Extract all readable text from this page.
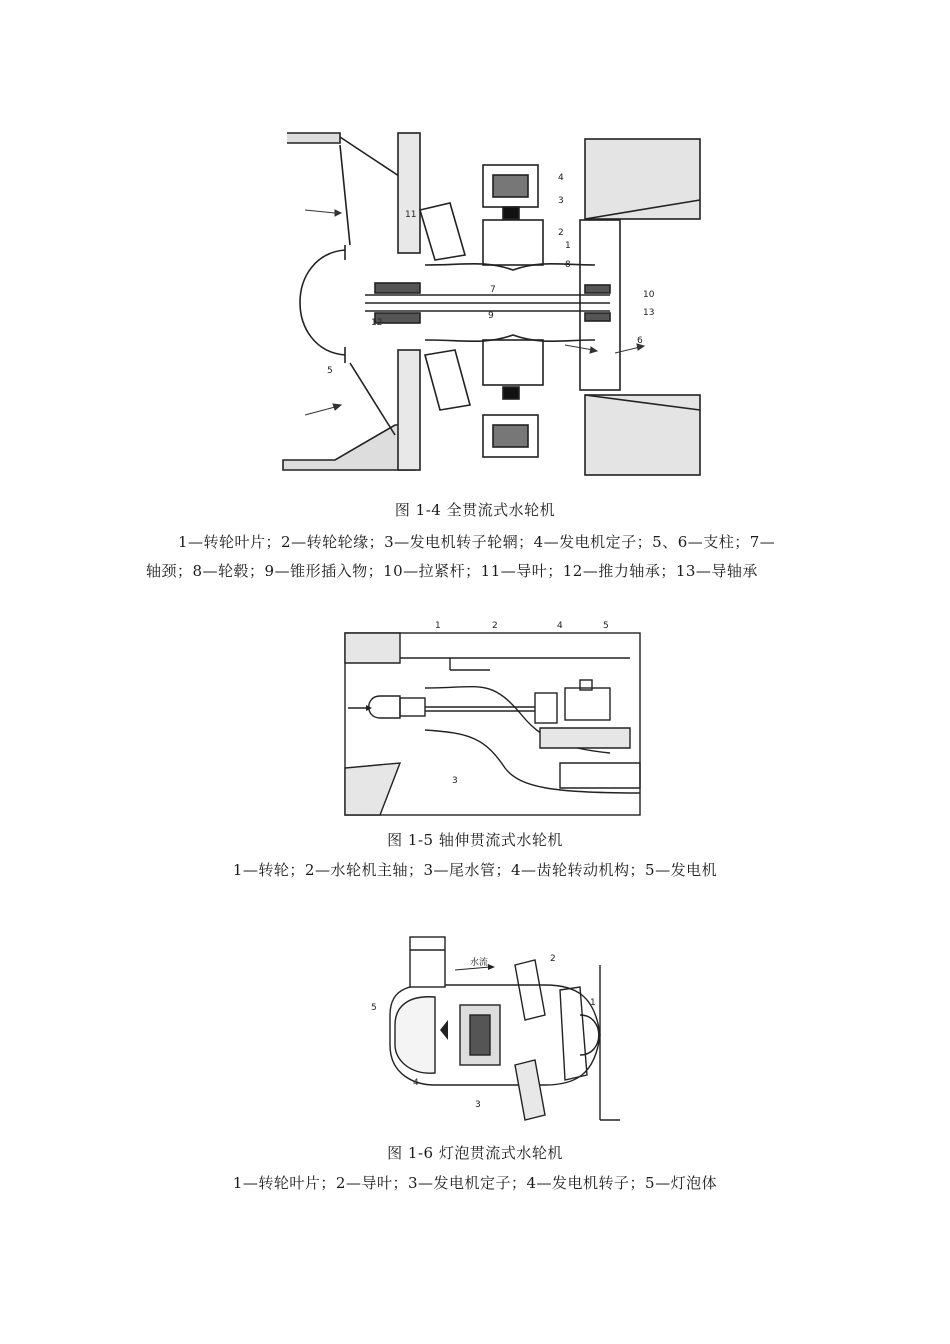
4
3
2
1
8
7
9
10
13
6
11
12
5
图 1-4 全贯流式水轮机
1—转轮叶片；2—转轮轮缘；3—发电机转子轮辋；4—发电机定子；5、6—支柱；7—
轴颈；8—轮毂；9—锥形插入物；10—拉紧杆；11—导叶；12—推力轴承；13—导轴承
1	2	4	5
3
图 1-5 轴伸贯流式水轮机
1—转轮；2—水轮机主轴；3—尾水管；4—齿轮转动机构；5—发电机
水流	2
1
5
4
3
图 1-6 灯泡贯流式水轮机
1—转轮叶片；2—导叶；3—发电机定子；4—发电机转子；5—灯泡体
